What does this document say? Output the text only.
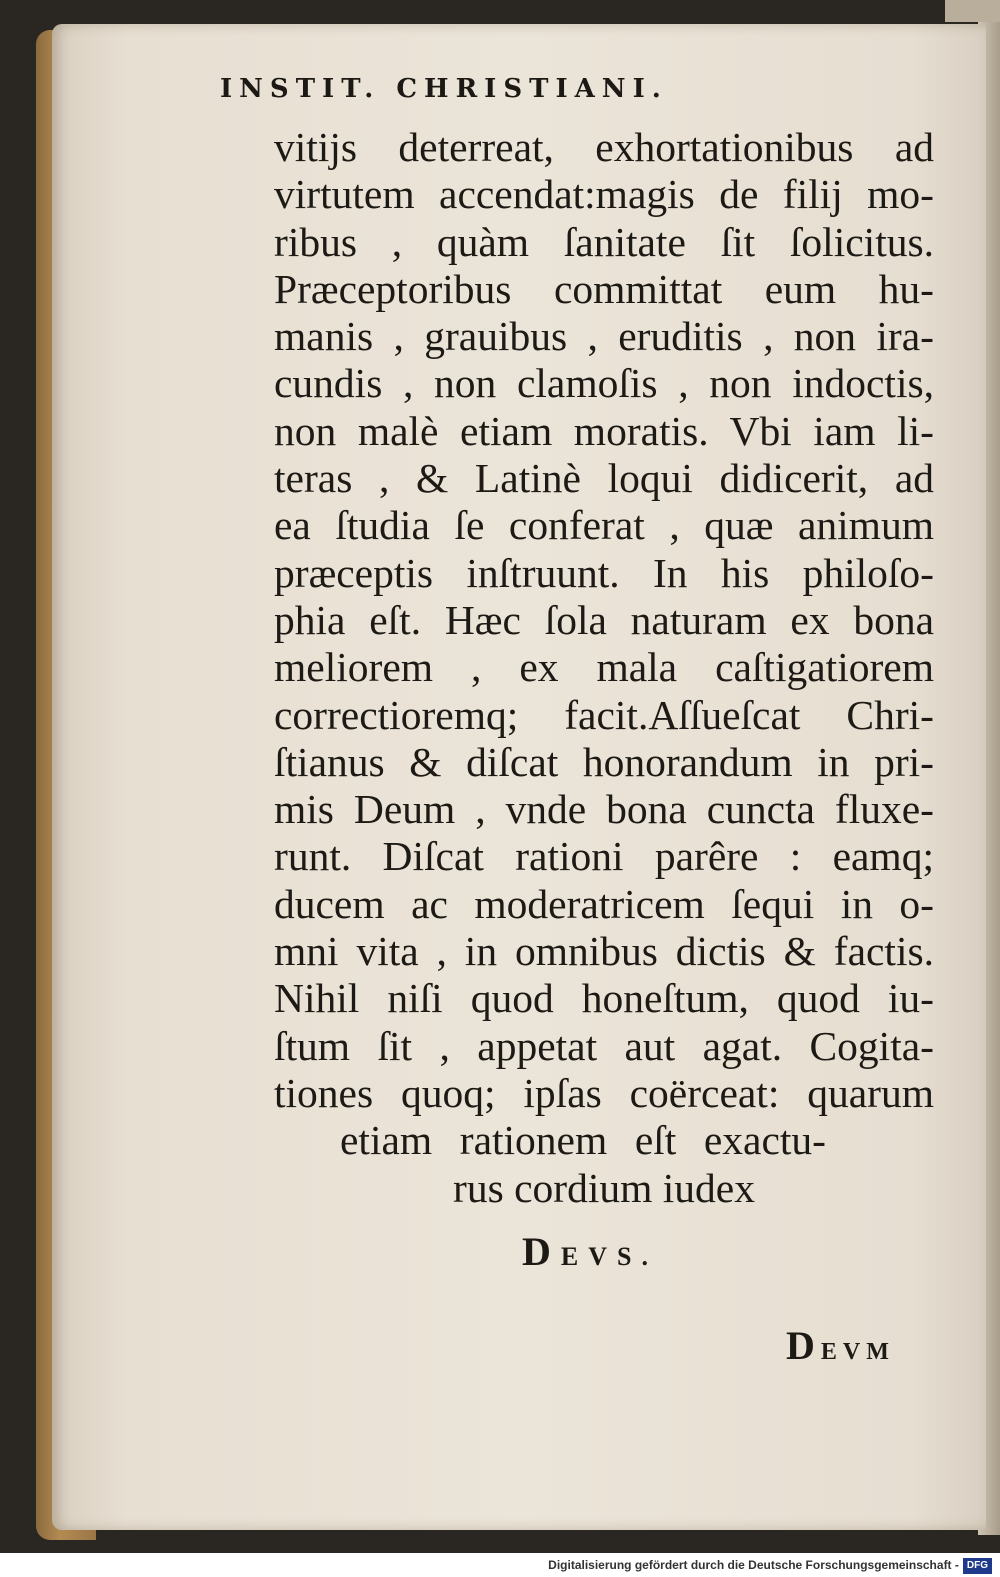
INSTIT. CHRISTIANI.
vitijs deterreat, exhortationibus ad
virtutem accendat:magis de filij mo-
ribus , quàm ſanitate ſit ſolicitus.
Præceptoribus committat eum hu-
manis , grauibus , eruditis , non ira-
cundis , non clamoſis , non indoctis,
non malè etiam moratis. Vbi iam li-
teras , & Latinè loqui didicerit, ad
ea ſtudia ſe conferat , quæ animum
præceptis inſtruunt. In his philoſo-
phia eſt. Hæc ſola naturam ex bona
meliorem , ex mala caſtigatiorem
correctioremq; facit.Aſſueſcat Chri-
ſtianus & diſcat honorandum in pri-
mis Deum , vnde bona cuncta fluxe-
runt. Diſcat rationi parêre : eamq;
ducem ac moderatricem ſequi in o-
mni vita , in omnibus dictis & factis.
Nihil niſi quod honeſtum, quod iu-
ſtum ſit , appetat aut agat. Cogita-
tiones quoq; ipſas coërceat: quarum
etiam rationem eſt exactu-
rus cordium iudex
DEVS.
DEVM
Digitalisierung gefördert durch die Deutsche Forschungsgemeinschaft - DFG
